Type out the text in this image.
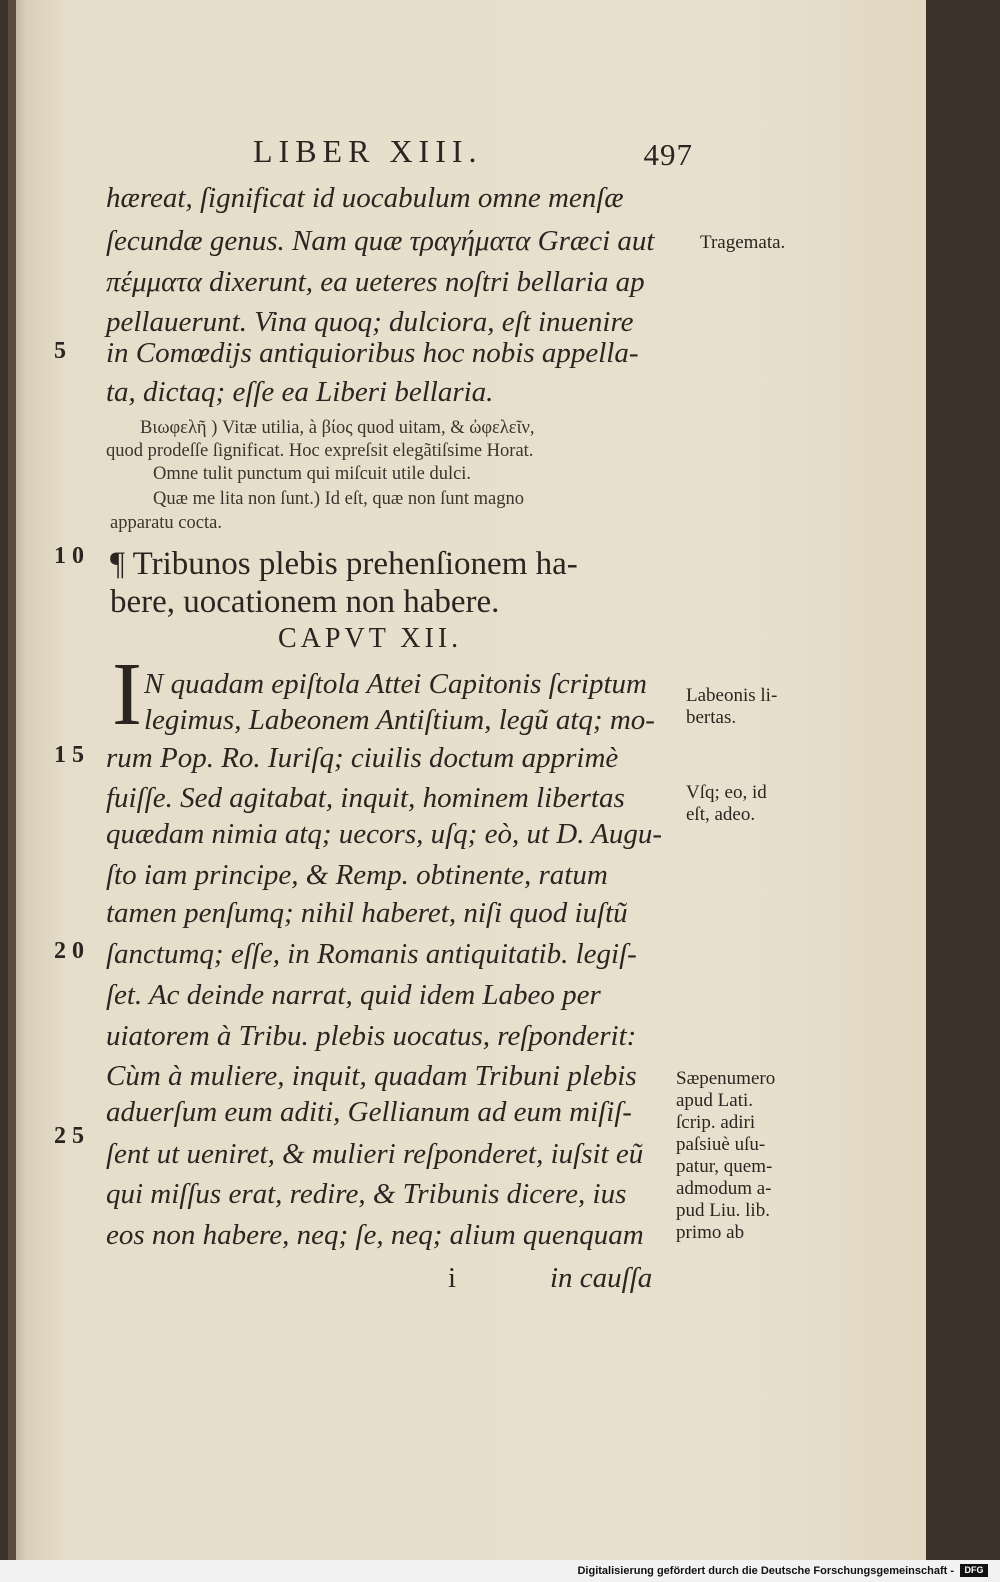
LIBER XIII.	497
hæreat, ſignificat id uocabulum omne menſæ
ſecundæ genus. Nam quæ τραγήματα Græci aut
πέμματα dixerunt, ea ueteres noſtri bellaria ap
pellauerunt. Vina quoq; dulciora, eſt inuenire
in Comœdijs antiquioribus hoc nobis appella-
ta, dictaq; eſſe ea Liberi bellaria.
Βιωφελῆ ) Vitæ utilia, à βίος quod uitam, & ὠφελεῖν,
quod prodeſſe ſignificat. Hoc expreſsit elegãtiſsime Horat.
Omne tulit punctum qui miſcuit utile dulci.
Quæ me lita non ſunt.) Id eſt, quæ non ſunt magno
apparatu cocta.
¶ Tribunos plebis prehenſionem ha-
bere, uocationem non habere.
CAPVT XII.
I N quadam epiſtola Attei Capitonis ſcriptum
legimus, Labeonem Antiſtium, legũ atq; mo-
rum Pop. Ro. Iuriſq; ciuilis doctum apprimè
fuiſſe. Sed agitabat, inquit, hominem libertas
quædam nimia atq; uecors, uſq; eò, ut D. Augu-
ſto iam principe, & Remp. obtinente, ratum
tamen penſumq; nihil haberet, niſi quod iuſtũ
ſanctumq; eſſe, in Romanis antiquitatib. legiſ-
ſet. Ac deinde narrat, quid idem Labeo per
uiatorem à Tribu. plebis uocatus, reſponderit:
Cùm à muliere, inquit, quadam Tribuni plebis
aduerſum eum aditi, Gellianum ad eum miſiſ-
ſent ut ueniret, & mulieri reſponderet, iuſsit eũ
qui miſſus erat, redire, & Tribunis dicere, ius
eos non habere, neq; ſe, neq; alium quenquam
i	in cauſſa
5
10
15
20
25
Tragemata.
Labeonis li-
bertas.
Vſq; eo, id
eſt, adeo.
Sæpenumero
apud Lati.
ſcrip. adiri
paſsiuè uſu-
patur, quem-
admodum a-
pud Liu. lib.
primo ab
Digitalisierung gefördert durch die Deutsche Forschungsgemeinschaft -	DFG
